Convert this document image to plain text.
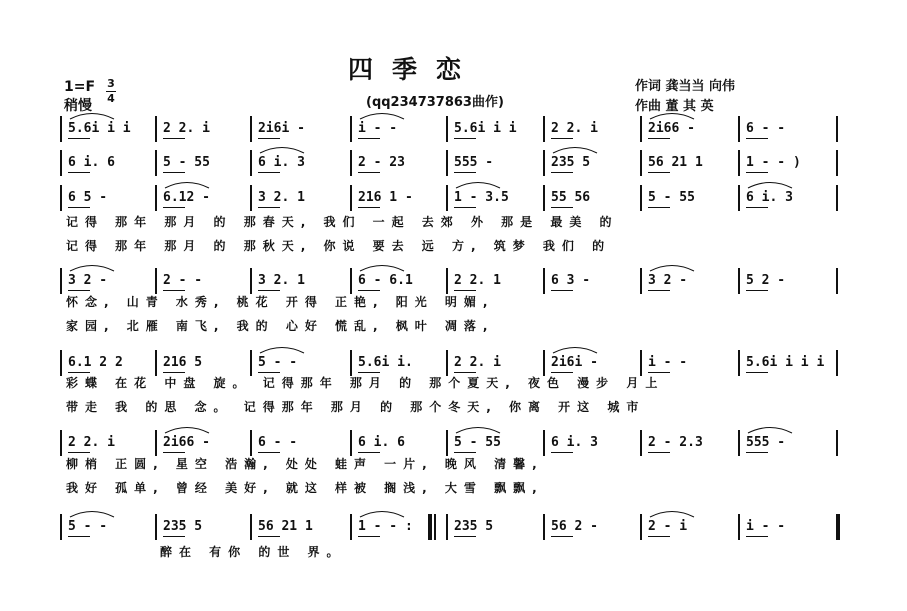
四季恋
(qq234737863曲作)
1=F
稍慢
3
4
作词 龚当当 向伟
作曲 董 其 英
5.6i i i 2 2. i	2i6i -	i - -	5.6i i i	2 2. i	2i66 -	6 - -
6 i. 6	5 - 55	6 i. 3	2 - 23	555 -	235 5	56 21 1	1 - - )
6 5 -	6.12 -	3 2. 1	216 1 -	1 - 3.5	55 56	5 - 55	6 i. 3
记得 那年 那月 的 那春天, 我们 一起 去郊 外 那是 最美 的
记得 那年 那月 的 那秋天, 你说 要去 远 方, 筑梦 我们 的
3 2 -	2 - -	3 2. 1	6 - 6.1	2 2. 1	6 3 -	3 2 -	5 2 -
怀念, 山青 水秀, 桃花 开得 正艳, 阳光 明媚,
家园, 北雁 南飞, 我的 心好 慌乱, 枫叶 凋落,
6.1 2 2	216 5	5 - -	5.6i i.	2 2. i	2i6i -	i - -	5.6i i i i
彩蝶 在花 中盘 旋。 记得那年 那月 的 那个夏天, 夜色 漫步 月上
带走 我 的思 念。 记得那年 那月 的 那个冬天, 你离 开这 城市
2 2. i	2i66 -	6 - -	6 i. 6	5 - 55	6 i. 3	2 - 2.3	555 -
柳梢 正圆, 星空 浩瀚, 处处 蛙声 一片, 晚风 清馨,
我好 孤单, 曾经 美好, 就这 样被 搁浅, 大雪 飘飘,
5 - -	235 5	56 21 1	1 - - :	235 5	56 2 -	2 - i	i - -
醉在 有你 的世 界。
